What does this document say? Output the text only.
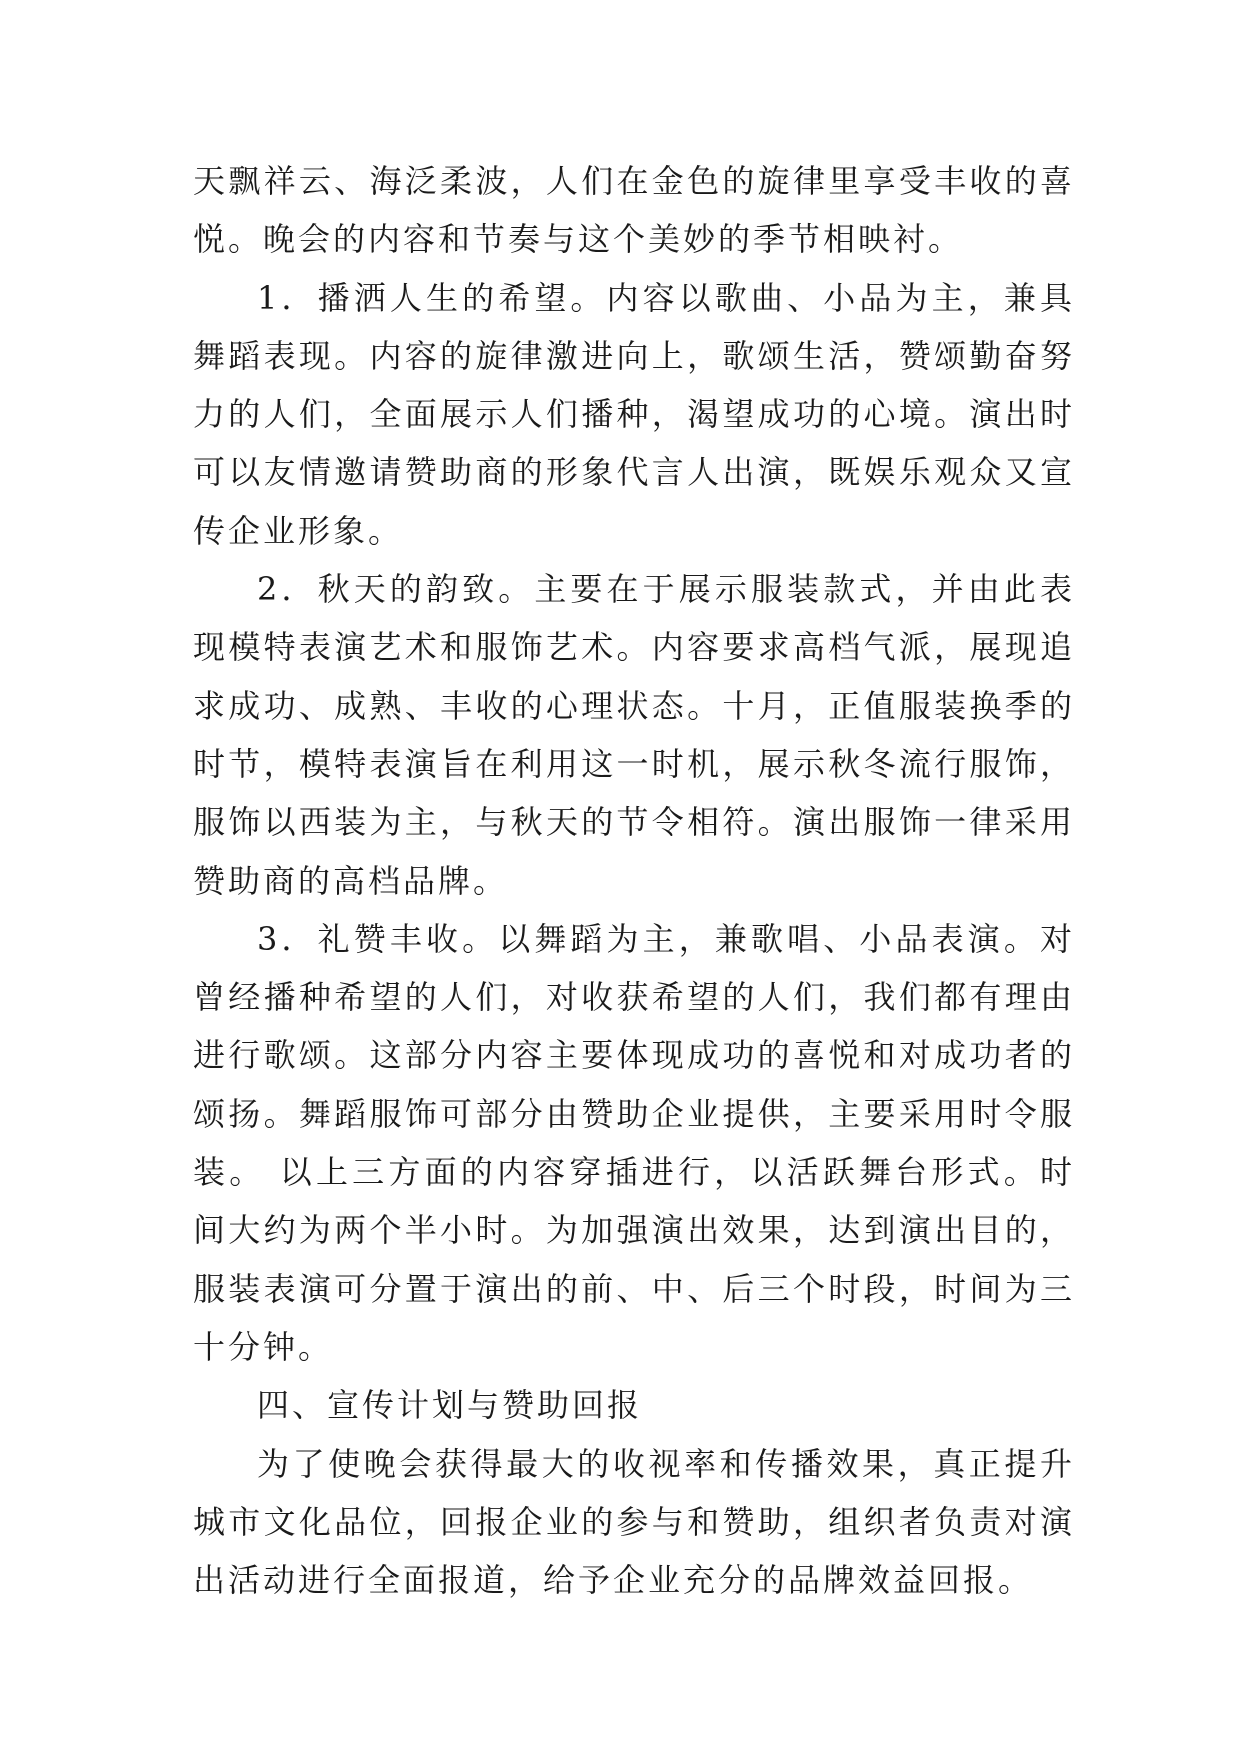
天飘祥云、海泛柔波，人们在金色的旋律里享受丰收的喜悦。晚会的内容和节奏与这个美妙的季节相映衬。

1．播洒人生的希望。内容以歌曲、小品为主，兼具舞蹈表现。内容的旋律激进向上，歌颂生活，赞颂勤奋努力的人们，全面展示人们播种，渴望成功的心境。演出时可以友情邀请赞助商的形象代言人出演，既娱乐观众又宣传企业形象。

2．秋天的韵致。主要在于展示服装款式，并由此表现模特表演艺术和服饰艺术。内容要求高档气派，展现追求成功、成熟、丰收的心理状态。十月，正值服装换季的时节，模特表演旨在利用这一时机，展示秋冬流行服饰，服饰以西装为主，与秋天的节令相符。演出服饰一律采用赞助商的高档品牌。

3．礼赞丰收。以舞蹈为主，兼歌唱、小品表演。对曾经播种希望的人们，对收获希望的人们，我们都有理由进行歌颂。这部分内容主要体现成功的喜悦和对成功者的颂扬。舞蹈服饰可部分由赞助企业提供，主要采用时令服装。 以上三方面的内容穿插进行，以活跃舞台形式。时间大约为两个半小时。为加强演出效果，达到演出目的，服装表演可分置于演出的前、中、后三个时段，时间为三十分钟。

四、宣传计划与赞助回报

为了使晚会获得最大的收视率和传播效果，真正提升城市文化品位，回报企业的参与和赞助，组织者负责对演出活动进行全面报道，给予企业充分的品牌效益回报。
